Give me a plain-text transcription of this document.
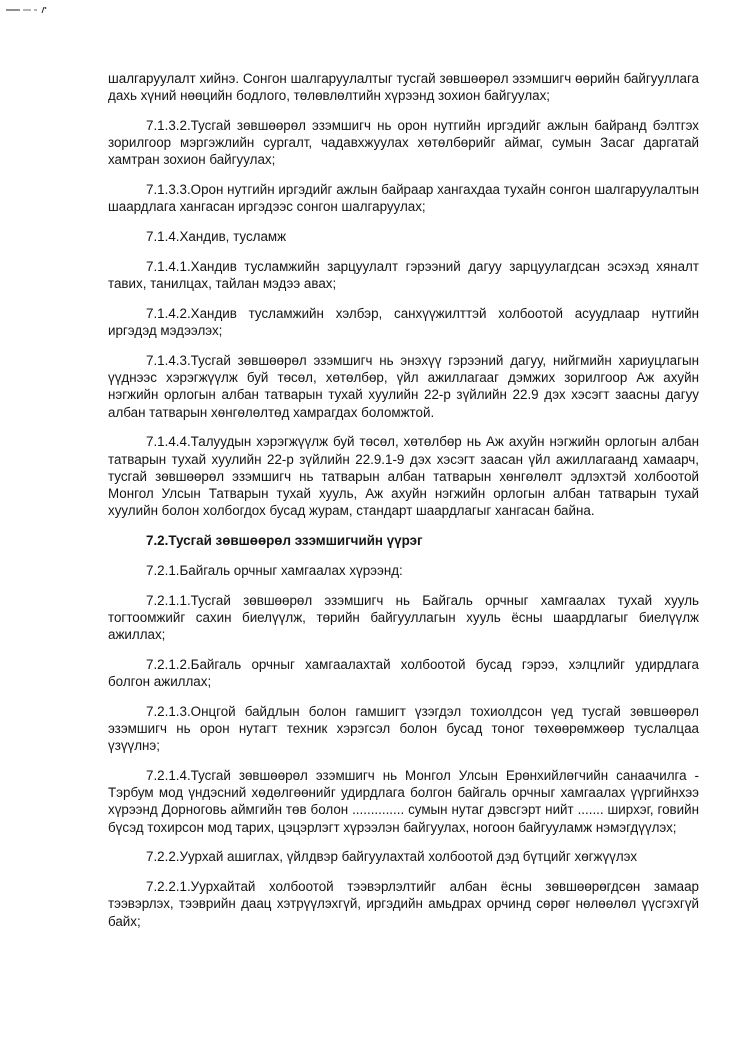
шалгаруулалт хийнэ. Сонгон шалгаруулалтыг тусгай зөвшөөрөл эзэмшигч өөрийн байгууллага дахь хүний нөөцийн бодлого, төлөвлөлтийн хүрээнд зохион байгуулах;

7.1.3.2.Тусгай зөвшөөрөл эзэмшигч нь орон нутгийн иргэдийг ажлын байранд бэлтгэх зорилгоор мэргэжлийн сургалт, чадавхжуулах хөтөлбөрийг аймаг, сумын Засаг даргатай хамтран зохион байгуулах;

7.1.3.3.Орон нутгийн иргэдийг ажлын байраар хангахдаа тухайн сонгон шалгаруулалтын шаардлага хангасан иргэдээс сонгон шалгаруулах;

7.1.4.Хандив, тусламж

7.1.4.1.Хандив тусламжийн зарцуулалт гэрээний дагуу зарцуулагдсан эсэхэд хяналт тавих, танилцах, тайлан мэдээ авах;

7.1.4.2.Хандив тусламжийн хэлбэр, санхүүжилттэй холбоотой асуудлаар нутгийн иргэдэд мэдээлэх;

7.1.4.3.Тусгай зөвшөөрөл эзэмшигч нь энэхүү гэрээний дагуу, нийгмийн хариуцлагын үүднээс хэрэгжүүлж буй төсөл, хөтөлбөр, үйл ажиллагааг дэмжих зорилгоор Аж ахуйн нэгжийн орлогын албан татварын тухай хуулийн 22-р зүйлийн 22.9 дэх хэсэгт заасны дагуу албан татварын хөнгөлөлтөд хамрагдах боломжтой.

7.1.4.4.Талуудын хэрэгжүүлж буй төсөл, хөтөлбөр нь Аж ахуйн нэгжийн орлогын албан татварын тухай хуулийн 22-р зүйлийн 22.9.1-9 дэх хэсэгт заасан үйл ажиллагаанд хамаарч, тусгай зөвшөөрөл эзэмшигч нь татварын албан татварын хөнгөлөлт эдлэхтэй холбоотой Монгол Улсын Татварын тухай хууль, Аж ахуйн нэгжийн орлогын албан татварын тухай хуулийн болон холбогдох бусад журам, стандарт шаардлагыг хангасан байна.

7.2.Тусгай зөвшөөрөл эзэмшигчийн үүрэг

7.2.1.Байгаль орчныг хамгаалах хүрээнд:

7.2.1.1.Тусгай зөвшөөрөл эзэмшигч нь Байгаль орчныг хамгаалах тухай хууль тогтоомжийг сахин биелүүлж, төрийн байгууллагын хууль ёсны шаардлагыг биелүүлж ажиллах;

7.2.1.2.Байгаль орчныг хамгаалахтай холбоотой бусад гэрээ, хэлцлийг удирдлага болгон ажиллах;

7.2.1.3.Онцгой байдлын болон гамшигт үзэгдэл тохиолдсон үед тусгай зөвшөөрөл эзэмшигч нь орон нутагт техник хэрэгсэл болон бусад тоног төхөөрөмжөөр туслалцаа үзүүлнэ;

7.2.1.4.Тусгай зөвшөөрөл эзэмшигч нь Монгол Улсын Ерөнхийлөгчийн санаачилга - Тэрбум мод үндэсний хөдөлгөөнийг удирдлага болгон байгаль орчныг хамгаалах үүргийнхээ хүрээнд Дорноговь аймгийн төв болон .............. сумын нутаг дэвсгэрт нийт ....... ширхэг, говийн бүсэд тохирсон мод тарих, цэцэрлэгт хүрээлэн байгуулах, ногоон байгууламж нэмэгдүүлэх;

7.2.2.Уурхай ашиглах, үйлдвэр байгуулахтай холбоотой дэд бүтцийг хөгжүүлэх

7.2.2.1.Уурхайтай холбоотой тээвэрлэлтийг албан ёсны зөвшөөрөгдсөн замаар тээвэрлэх, тээврийн даац хэтрүүлэхгүй, иргэдийн амьдрах орчинд сөрөг нөлөөлөл үүсгэхгүй байх;
